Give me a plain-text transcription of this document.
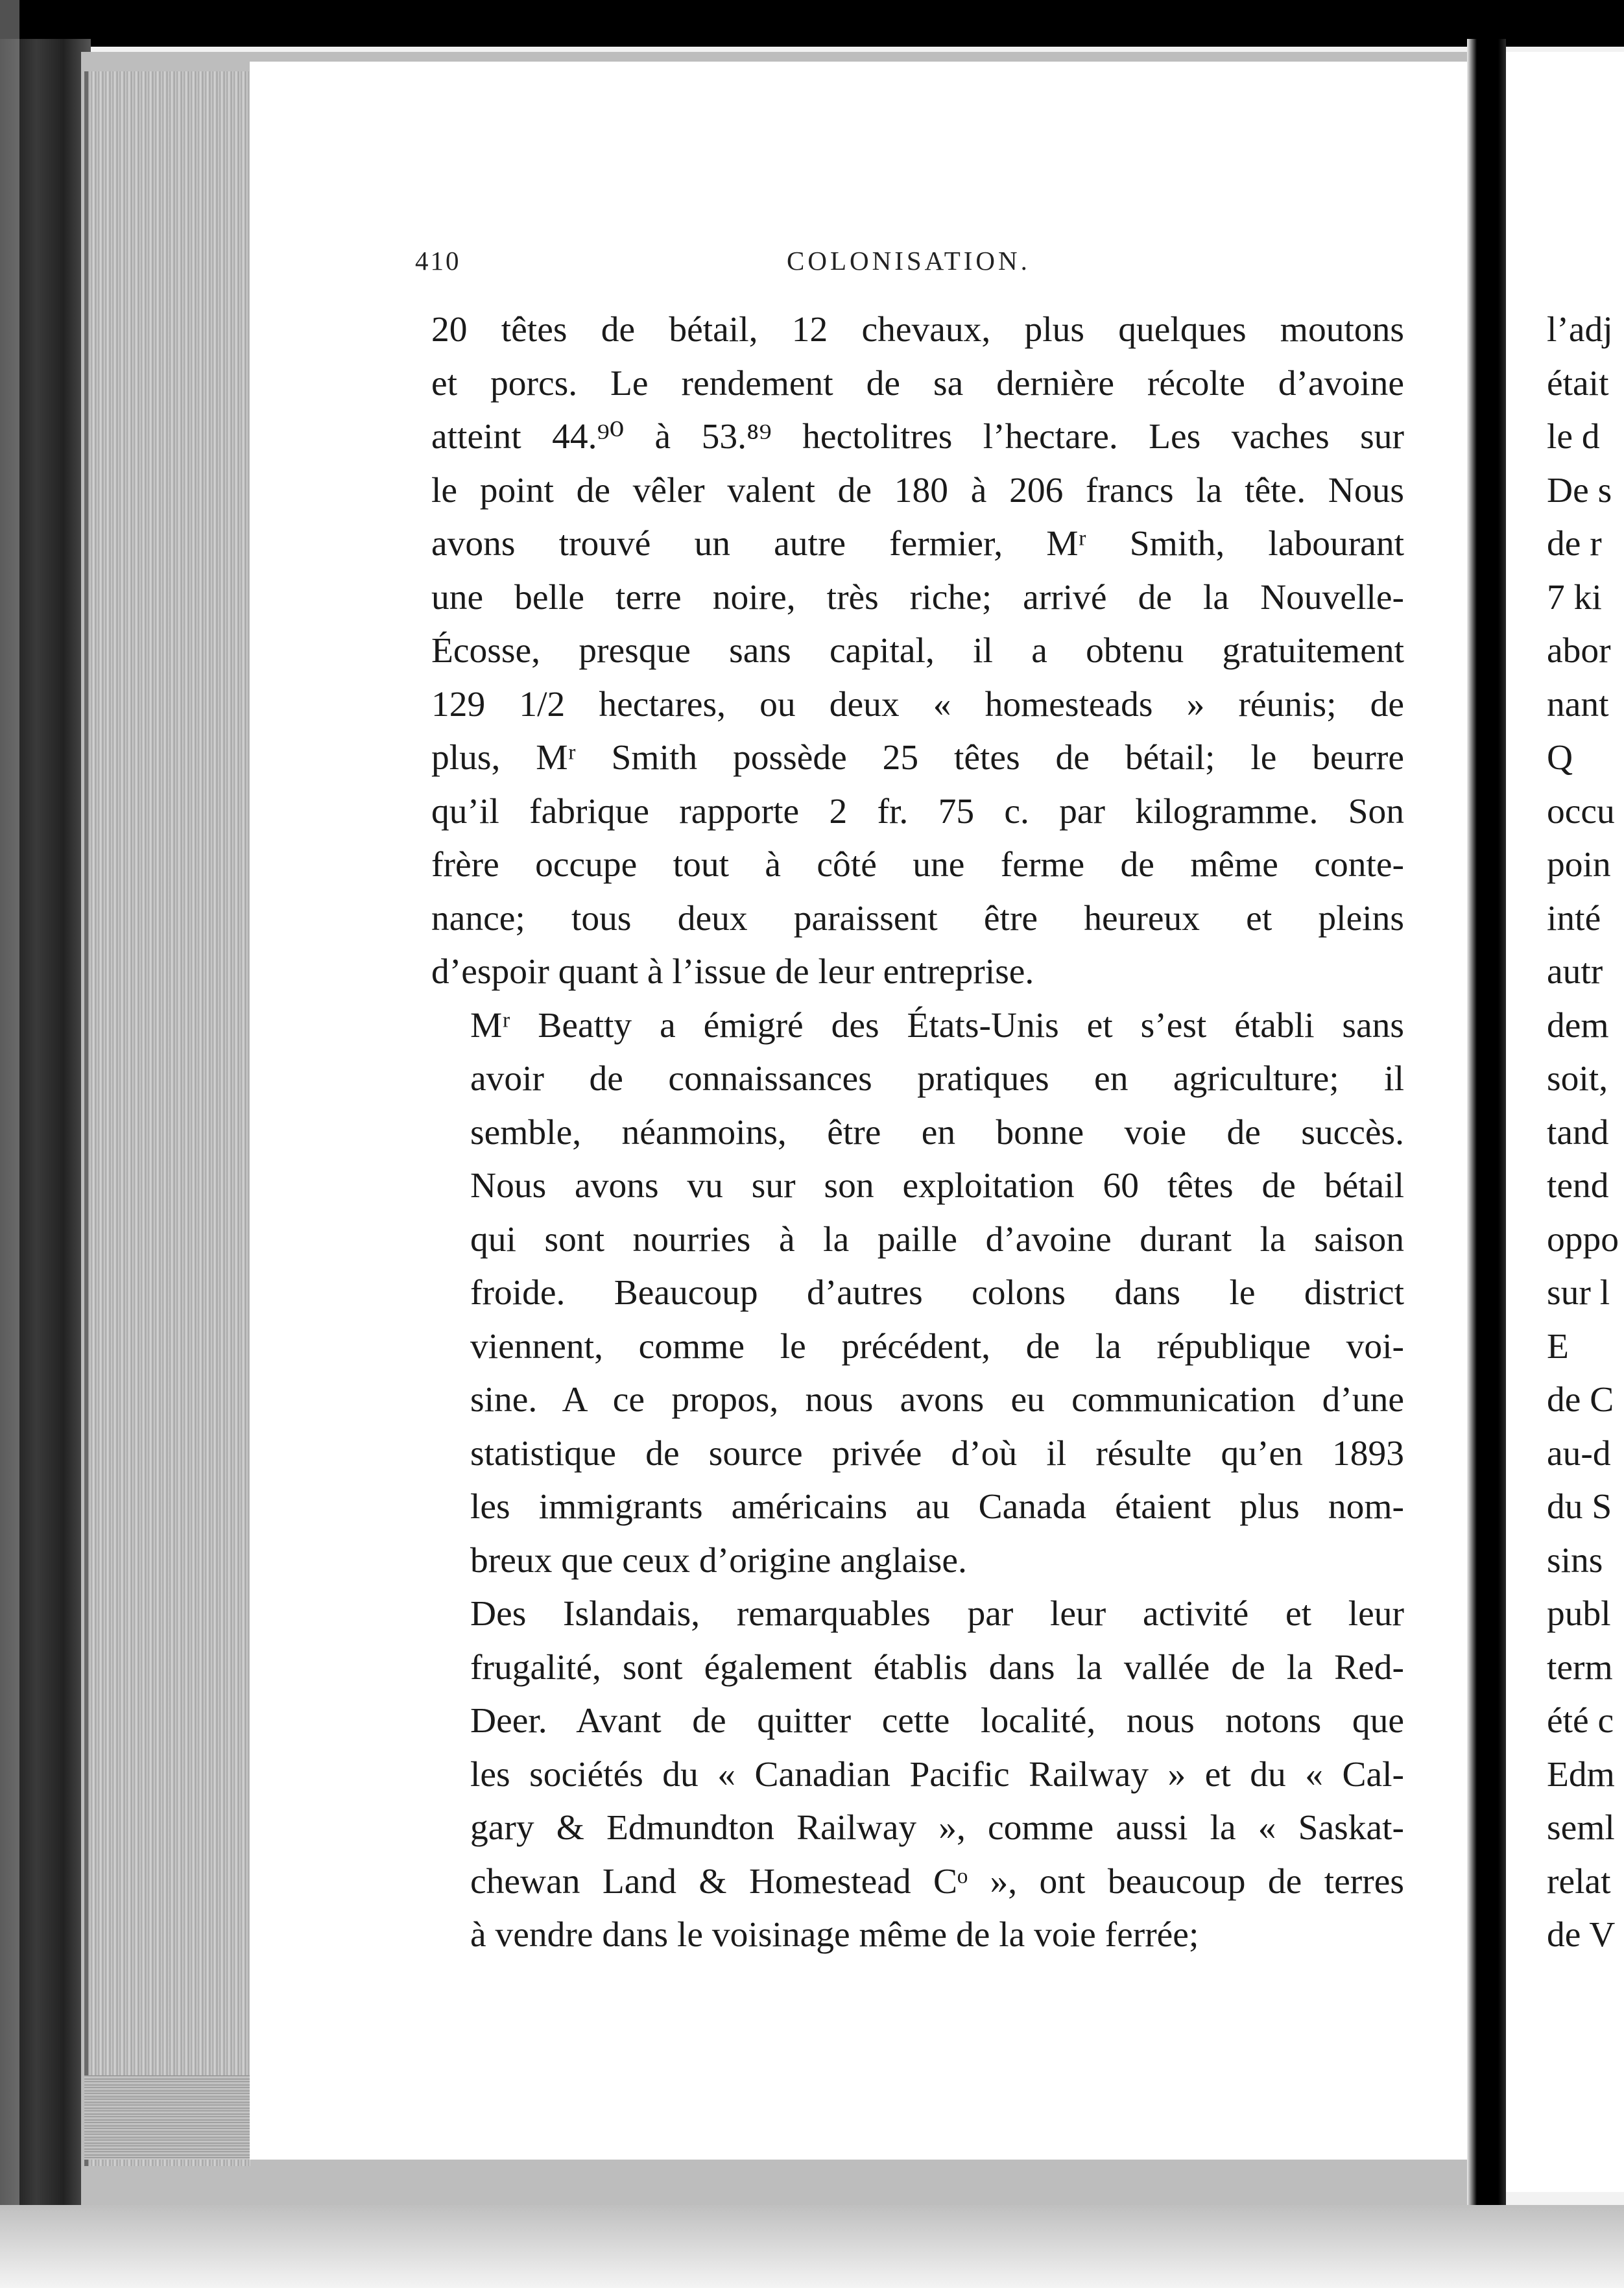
410	COLONISATION.

20 têtes de bétail, 12 chevaux, plus quelques moutons
et porcs. Le rendement de sa dernière récolte d’avoine
atteint 44.⁹⁰ à 53.⁸⁹ hectolitres l’hectare. Les vaches sur
le point de vêler valent de 180 à 206 francs la tête. Nous
avons trouvé un autre fermier, Mʳ Smith, labourant
une belle terre noire, très riche; arrivé de la Nouvelle-
Écosse, presque sans capital, il a obtenu gratuitement
129 1/2 hectares, ou deux « homesteads » réunis; de
plus, Mʳ Smith possède 25 têtes de bétail; le beurre
qu’il fabrique rapporte 2 fr. 75 c. par kilogramme. Son
frère occupe tout à côté une ferme de même conte-
nance; tous deux paraissent être heureux et pleins
d’espoir quant à l’issue de leur entreprise.

Mʳ Beatty a émigré des États-Unis et s’est établi sans
avoir de connaissances pratiques en agriculture; il
semble, néanmoins, être en bonne voie de succès.
Nous avons vu sur son exploitation 60 têtes de bétail
qui sont nourries à la paille d’avoine durant la saison
froide. Beaucoup d’autres colons dans le district
viennent, comme le précédent, de la république voi-
sine. A ce propos, nous avons eu communication d’une
statistique de source privée d’où il résulte qu’en 1893
les immigrants américains au Canada étaient plus nom-
breux que ceux d’origine anglaise.

Des Islandais, remarquables par leur activité et leur
frugalité, sont également établis dans la vallée de la Red-
Deer. Avant de quitter cette localité, nous notons que
les sociétés du « Canadian Pacific Railway » et du « Cal-
gary & Edmundton Railway », comme aussi la « Saskat-
chewan Land & Homestead Cᵒ », ont beaucoup de terres
à vendre dans le voisinage même de la voie ferrée;

l’adj
était
le d
De s
de r
7 ki
abor
nant
Q
occu
poin
inté
autr
dem
soit,
tand
tend
oppo
sur l
E
de C
au-d
du S
sins
publ
term
été c
Edm
seml
relat
de V
